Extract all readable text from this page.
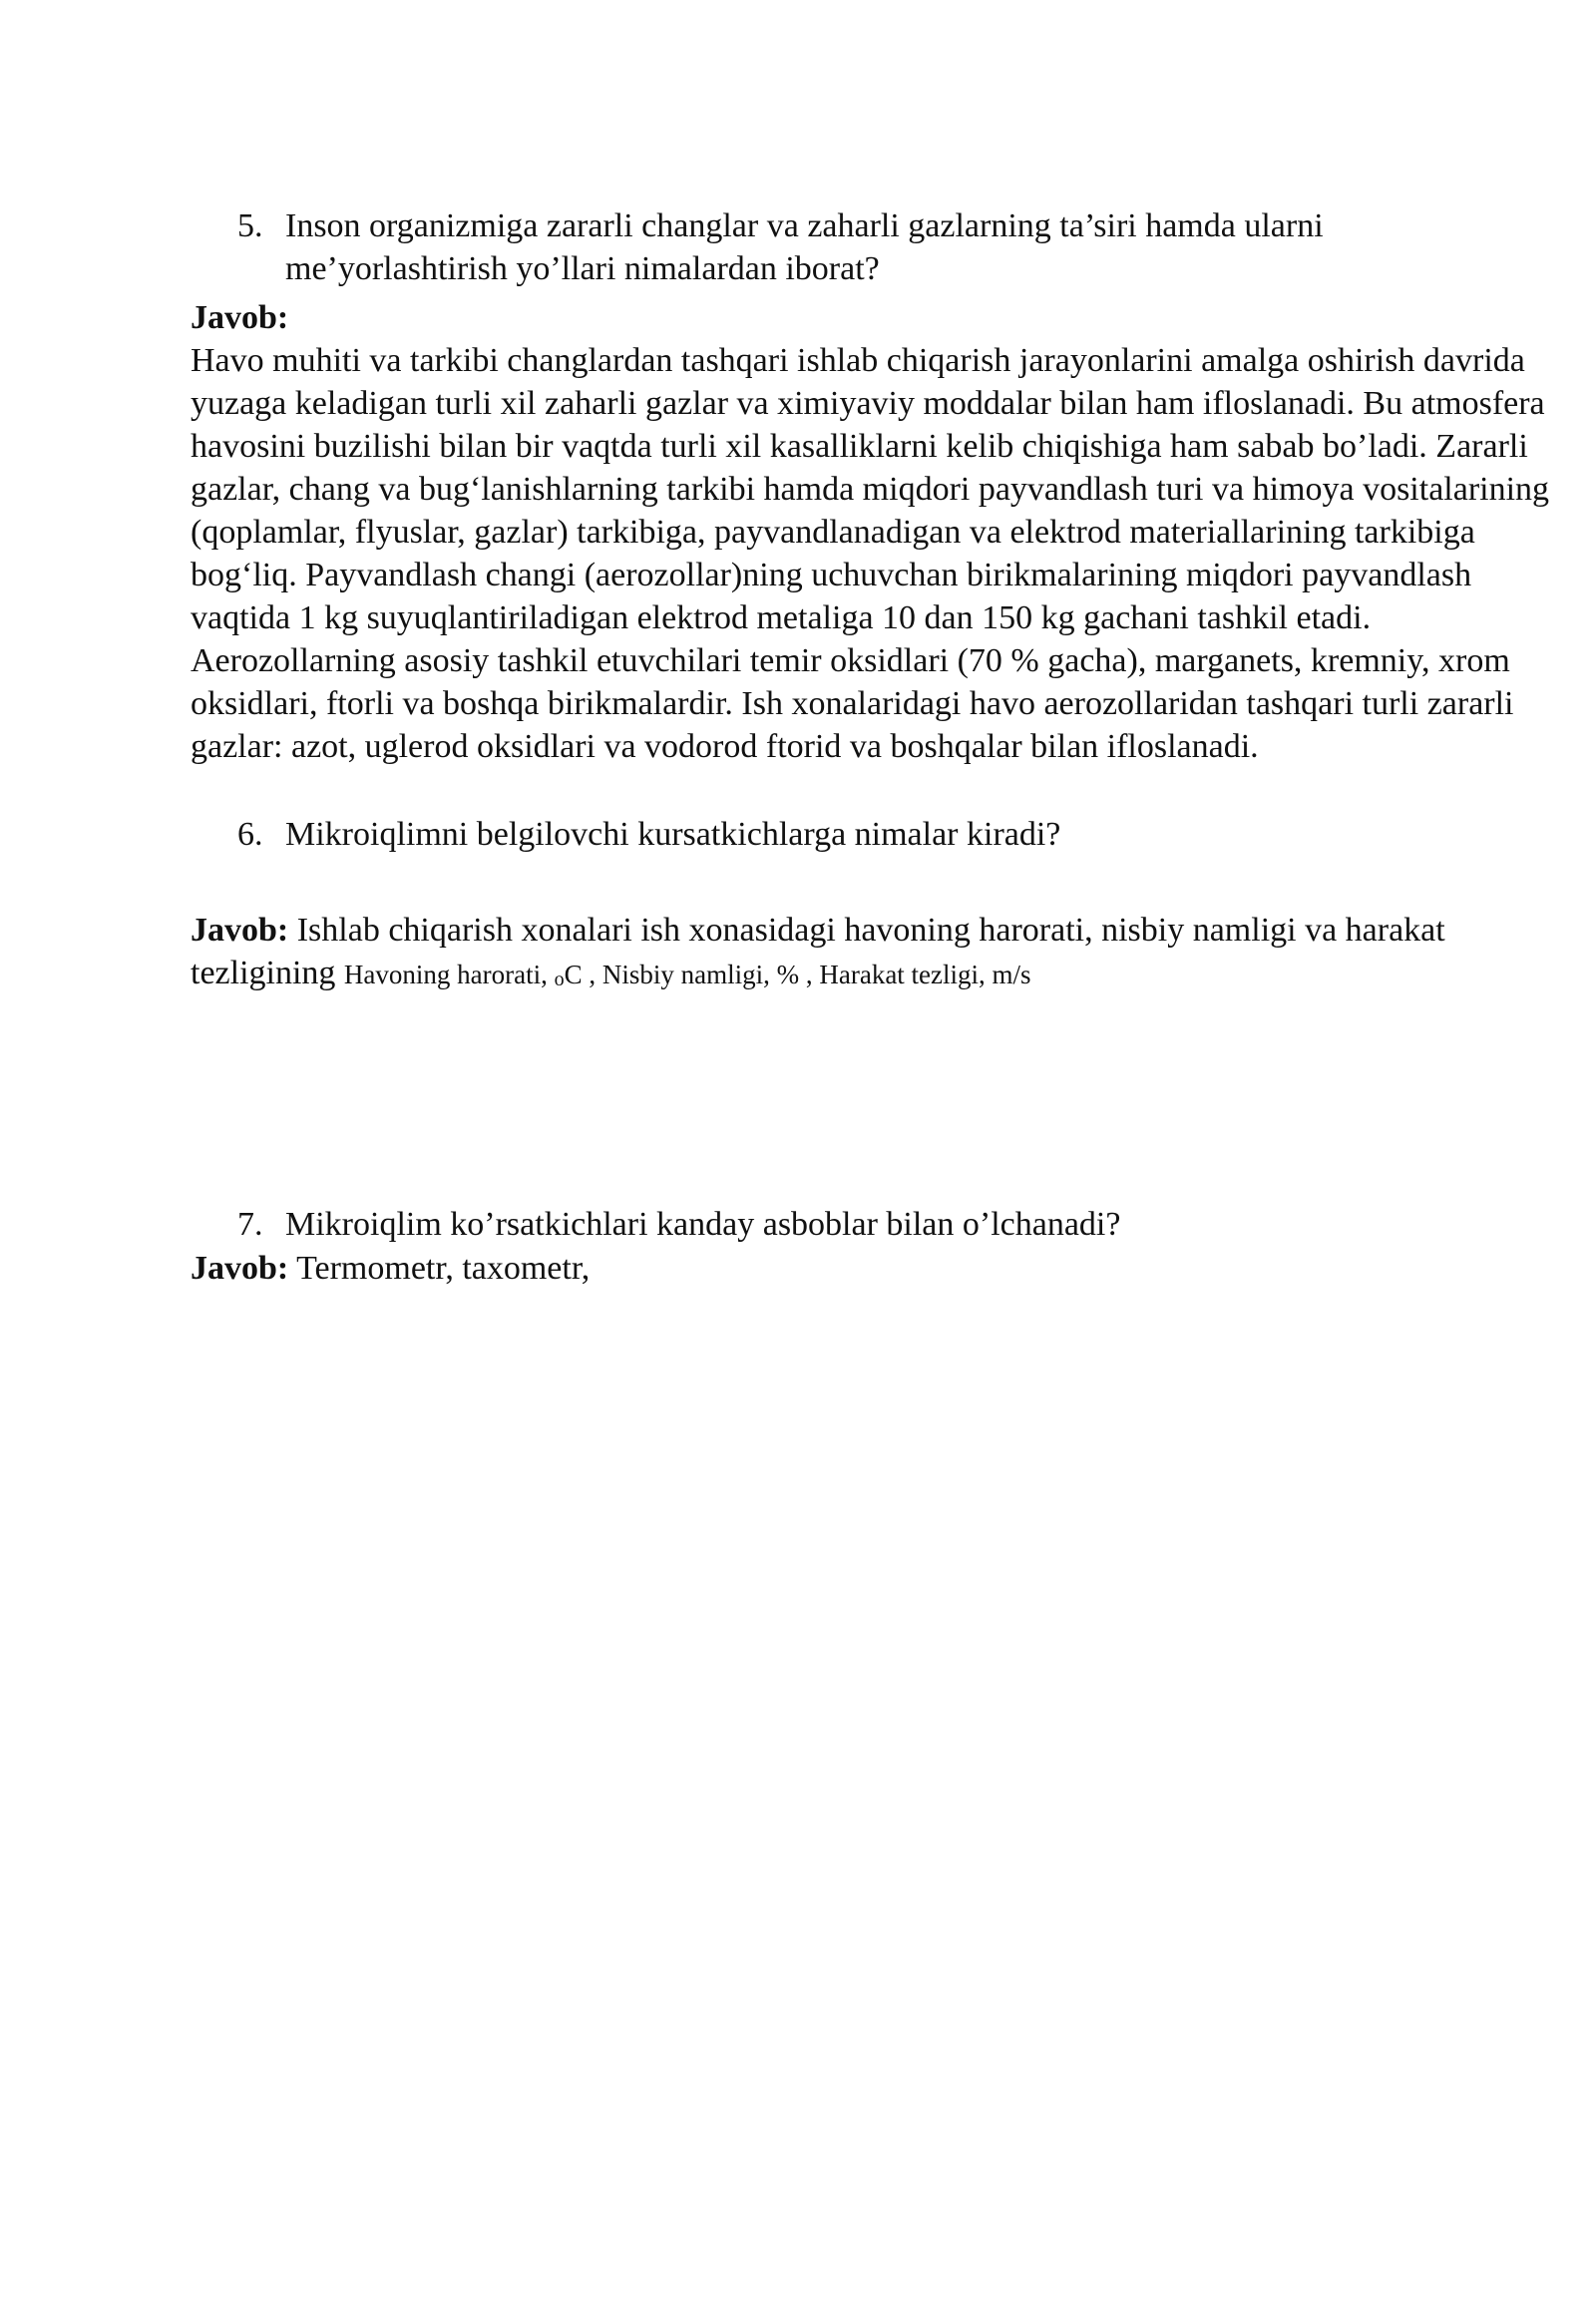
5. Inson organizmiga zararli changlar va zaharli gazlarning ta’siri hamda ularni me’yorlashtirish yo’llari nimalardan iborat?
Javob:
Havo muhiti va tarkibi changlardan tashqari ishlab chiqarish jarayonlarini amalga oshirish davrida yuzaga keladigan turli xil zaharli gazlar va ximiyaviy moddalar bilan ham ifloslanadi. Bu atmosfera havosini buzilishi bilan bir vaqtda turli xil kasalliklarni kelib chiqishiga ham sabab bo’ladi. Zararli gazlar, chang va bug‘lanishlarning tarkibi hamda miqdori payvandlash turi va himoya vositalarining (qoplamlar, flyuslar, gazlar) tarkibiga, payvandlanadigan va elektrod materiallarining tarkibiga bog‘liq. Payvandlash changi (aerozollar)ning uchuvchan birikmalarining miqdori payvandlash vaqtida 1 kg suyuqlantiriladigan elektrod metaliga 10 dan 150 kg gachani tashkil etadi. Aerozollarning asosiy tashkil etuvchilari temir oksidlari (70 % gacha), marganets, kremniy, xrom oksidlari, ftorli va boshqa birikmalardir. Ish xonalaridagi havo aerozollaridan tashqari turli zararli gazlar: azot, uglerod oksidlari va vodorod ftorid va boshqalar bilan ifloslanadi.
6. Mikroiqlimni belgilovchi kursatkichlarga nimalar kiradi?
Javob: Ishlab chiqarish xonalari ish xonasidagi havoning harorati, nisbiy namligi va harakat tezligining Havoning harorati, oC , Nisbiy namligi, % , Harakat tezligi, m/s
7. Mikroiqlim ko’rsatkichlari kanday asboblar bilan o’lchanadi?
Javob: Termometr, taxometr,
